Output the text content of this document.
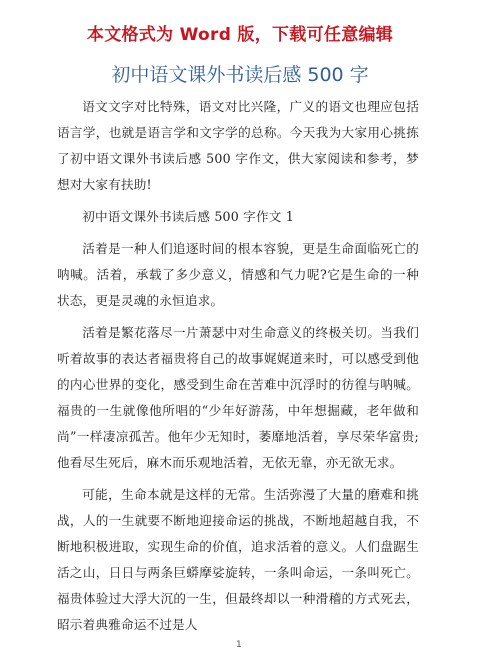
本文格式为 Word 版，下载可任意编辑
初中语文课外书读后感 500 字

语文文字对比特殊，语文对比兴隆，广义的语文也理应包括语言学，也就是语言学和文字学的总称。今天我为大家用心挑拣了初中语文课外书读后感 500 字作文，供大家阅读和参考，梦想对大家有扶助!

初中语文课外书读后感 500 字作文 1

活着是一种人们追逐时间的根本容貌，更是生命面临死亡的呐喊。活着，承载了多少意义，情感和气力呢?它是生命的一种状态，更是灵魂的永恒追求。

活着是繁花落尽一片萧瑟中对生命意义的终极关切。当我们听着故事的表达者福贵将自己的故事娓娓道来时，可以感受到他的内心世界的变化，感受到生命在苦难中沉浮时的彷徨与呐喊。福贵的一生就像他所唱的“少年好游荡，中年想掘藏，老年做和尚”一样凄凉孤苦。他年少无知时，萎靡地活着，享尽荣华富贵;他看尽生死后，麻木而乐观地活着，无依无靠，亦无欲无求。

可能，生命本就是这样的无常。生活弥漫了大量的磨难和挑战，人的一生就要不断地迎接命运的挑战，不断地超越自我，不断地积极进取，实现生命的价值，追求活着的意义。人们盘踞生活之山，日日与两条巨蟒摩娑旋转，一条叫命运，一条叫死亡。福贵体验过大浮大沉的一生，但最终却以一种滑稽的方式死去，昭示着典雅命运不过是人

1
